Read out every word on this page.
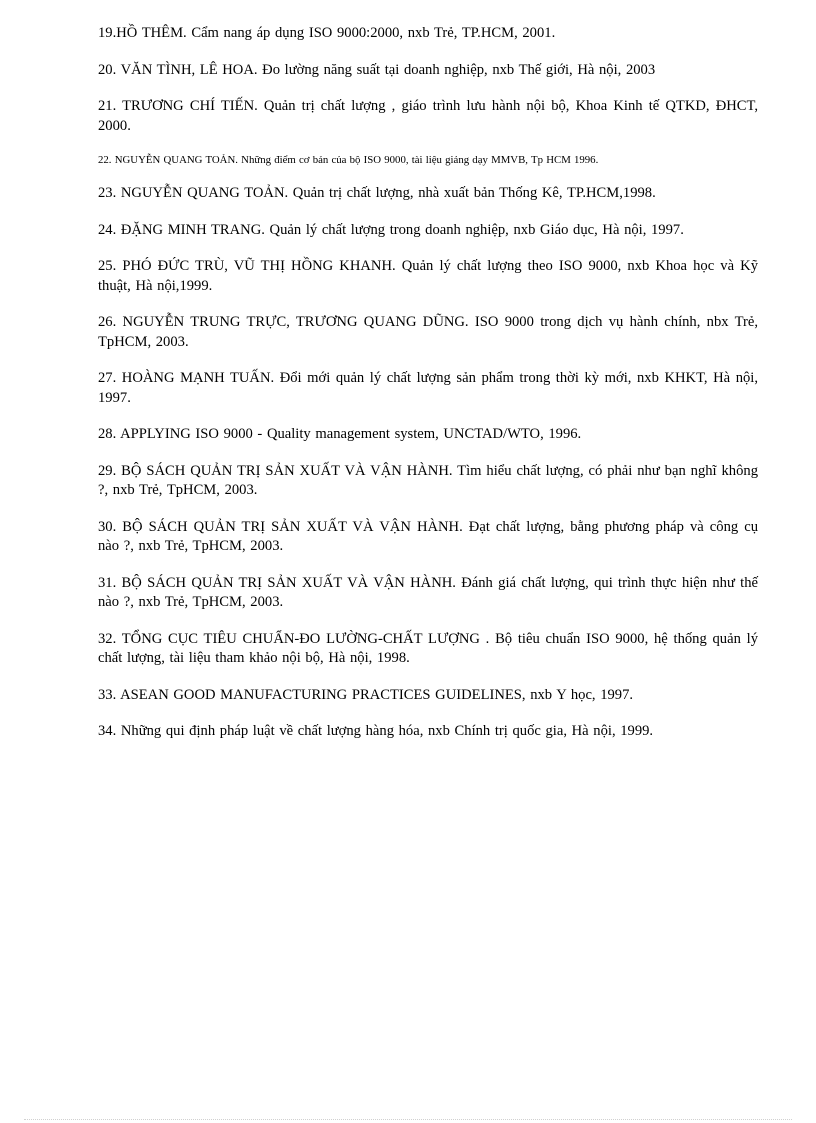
19.HỒ THÊM. Cẩm nang áp dụng ISO 9000:2000, nxb Trẻ, TP.HCM, 2001.
20. VĂN TÌNH, LÊ HOA. Đo lường năng suất tại doanh nghiệp, nxb Thế giới, Hà nội, 2003
21. TRƯƠNG CHÍ TIẾN. Quản trị chất lượng , giáo trình lưu hành nội bộ, Khoa Kinh tế QTKD, ĐHCT, 2000.
22. NGUYỄN QUANG TOẢN. Những điểm cơ bản của bộ ISO 9000, tài liệu giảng dạy MMVB, Tp HCM 1996.
23. NGUYỄN QUANG TOẢN. Quản trị chất lượng, nhà xuất bản Thống Kê, TP.HCM,1998.
24. ĐẶNG MINH TRANG. Quản lý chất lượng trong doanh nghiệp, nxb Giáo dục, Hà nội, 1997.
25. PHÓ ĐỨC TRÙ, VŨ THỊ HỒNG KHANH. Quản lý chất lượng theo ISO 9000, nxb Khoa học và Kỹ thuật, Hà nội,1999.
26. NGUYỄN TRUNG TRỰC, TRƯƠNG QUANG DŨNG. ISO 9000 trong dịch vụ hành chính, nbx Trẻ, TpHCM, 2003.
27. HOÀNG MẠNH TUẤN. Đổi mới quản lý chất lượng sản phẩm trong thời kỳ mới, nxb KHKT, Hà nội, 1997.
28. APPLYING ISO 9000 - Quality management system, UNCTAD/WTO, 1996.
29. BỘ SÁCH QUẢN TRỊ SẢN XUẤT VÀ VẬN HÀNH. Tìm hiểu chất lượng, có phải như bạn nghĩ không ?, nxb Trẻ, TpHCM, 2003.
30. BỘ SÁCH QUẢN TRỊ SẢN XUẤT VÀ VẬN HÀNH. Đạt chất lượng, bằng phương pháp và công cụ nào ?, nxb Trẻ, TpHCM, 2003.
31. BỘ SÁCH QUẢN TRỊ SẢN XUẤT VÀ VẬN HÀNH. Đánh giá chất lượng, qui trình thực hiện như thế nào ?, nxb Trẻ, TpHCM, 2003.
32. TỔNG CỤC TIÊU CHUẨN-ĐO LƯỜNG-CHẤT LƯỢNG . Bộ tiêu chuẩn ISO 9000, hệ thống quản lý chất lượng, tài liệu tham khảo nội bộ, Hà nội, 1998.
33. ASEAN GOOD MANUFACTURING PRACTICES GUIDELINES, nxb Y học, 1997.
34. Những qui định pháp luật về chất lượng hàng hóa, nxb Chính trị quốc gia, Hà nội, 1999.
